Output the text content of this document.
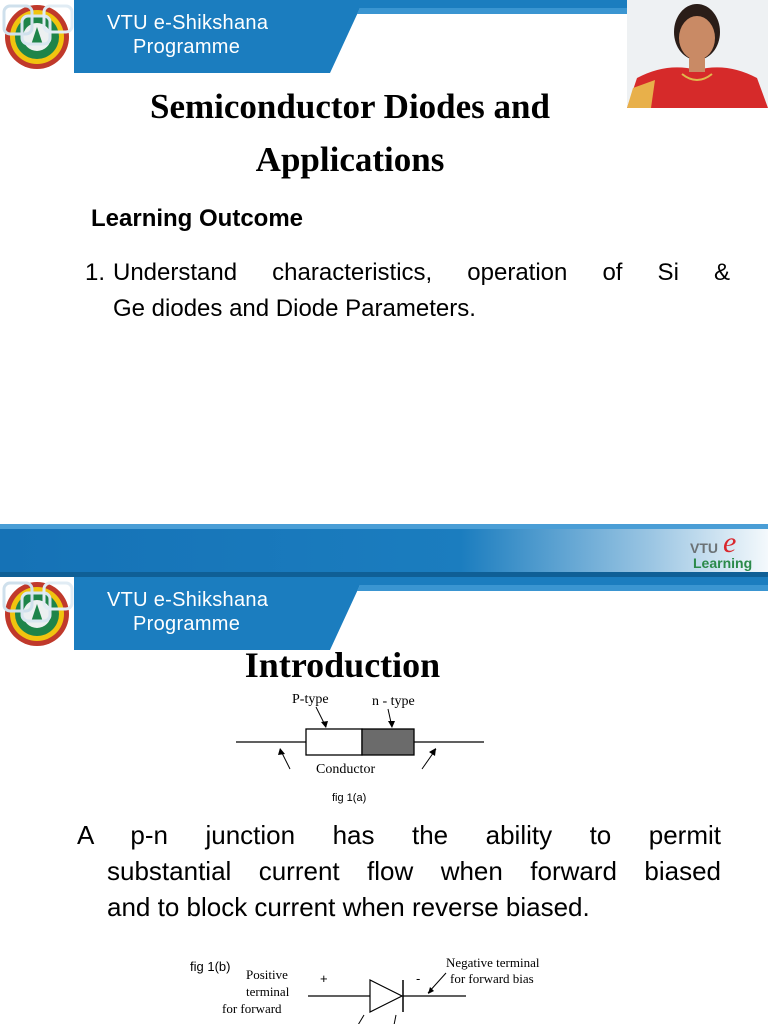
VTU e-Shikshana
Programme
Semiconductor Diodes and
Applications
Learning Outcome
1. Understand characteristics, operation of Si &
Ge diodes and Diode Parameters.
VTU e
Learning
VTU e-Shikshana
Programme
Introduction
P-type	n - type
Conductor
fig 1(a)
A p-n junction has the ability to permit
substantial current flow when forward biased
and to block current when reverse biased.
fig 1(b)
Positive
terminal
for forward
+	-
Negative terminal
for forward bias
